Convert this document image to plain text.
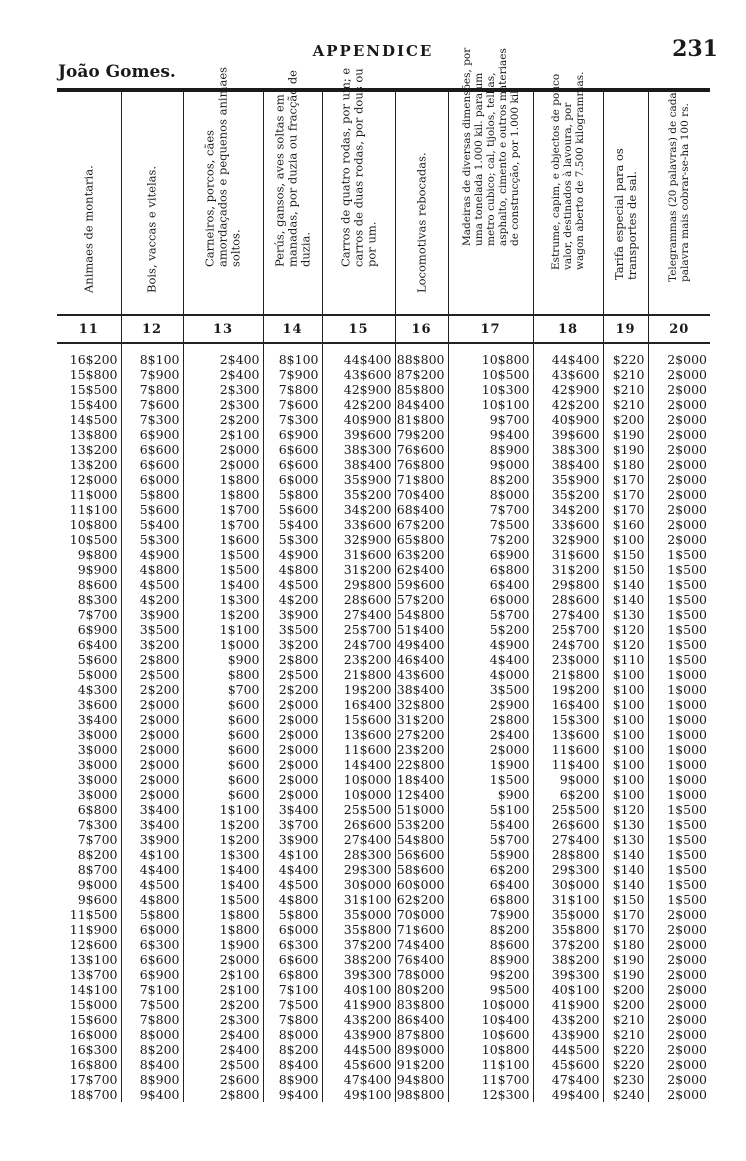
APPENDICE	231
João Gomes.
Animaes de montaria.	Bois, vaccas e vitelas.	Carneiros, porcos, cães amordaçados e pequenos animaes soltos.	Perús, gansos, aves soltas em manadas, por duzia ou fracção de duzia.	Carros de quatro rodas, por um; e carros de duas rodas, por dous ou por um.	Locomotivas rebocadas.	Madeiras de diversas dimensões, por uma tonelada 1.000 kil. para um metro cubico; cal, tijolos, telhas, asphalto, cimento e outros materiaes de construcção, por 1.000 kil.	Estrume, capim, e objectos de pouco valor, destinados à lavoura, por wagon aberto de 7.500 kilogrammas.	Tarifa especial para os transportes de sal.	Telegrammas (20 palavras) de cada palavra mais cobrar-se-ha 100 rs.

11	12	13	14	15	16	17	18	19	20
16$200	8$100	2$400	8$100	44$400	88$800	10$800	44$400	$220	2$000
15$800	7$900	2$400	7$900	43$600	87$200	10$500	43$600	$210	2$000
15$500	7$800	2$300	7$800	42$900	85$800	10$300	42$900	$210	2$000
15$400	7$600	2$300	7$600	42$200	84$400	10$100	42$200	$210	2$000
14$500	7$300	2$200	7$300	40$900	81$800	9$700	40$900	$200	2$000
13$800	6$900	2$100	6$900	39$600	79$200	9$400	39$600	$190	2$000
13$200	6$600	2$000	6$600	38$300	76$600	8$900	38$300	$190	2$000
13$200	6$600	2$000	6$600	38$400	76$800	9$000	38$400	$180	2$000
12$000	6$000	1$800	6$000	35$900	71$800	8$200	35$900	$170	2$000
11$000	5$800	1$800	5$800	35$200	70$400	8$000	35$200	$170	2$000
11$100	5$600	1$700	5$600	34$200	68$400	7$700	34$200	$170	2$000
10$800	5$400	1$700	5$400	33$600	67$200	7$500	33$600	$160	2$000
10$500	5$300	1$600	5$300	32$900	65$800	7$200	32$900	$100	2$000
9$800	4$900	1$500	4$900	31$600	63$200	6$900	31$600	$150	1$500
9$900	4$800	1$500	4$800	31$200	62$400	6$800	31$200	$150	1$500
8$600	4$500	1$400	4$500	29$800	59$600	6$400	29$800	$140	1$500
8$300	4$200	1$300	4$200	28$600	57$200	6$000	28$600	$140	1$500
7$700	3$900	1$200	3$900	27$400	54$800	5$700	27$400	$130	1$500
6$900	3$500	1$100	3$500	25$700	51$400	5$200	25$700	$120	1$500
6$400	3$200	1$000	3$200	24$700	49$400	4$900	24$700	$120	1$500
5$600	2$800	$900	2$800	23$200	46$400	4$400	23$000	$110	1$500
5$000	2$500	$800	2$500	21$800	43$600	4$000	21$800	$100	1$000
4$300	2$200	$700	2$200	19$200	38$400	3$500	19$200	$100	1$000
3$600	2$000	$600	2$000	16$400	32$800	2$900	16$400	$100	1$000
3$400	2$000	$600	2$000	15$600	31$200	2$800	15$300	$100	1$000
3$000	2$000	$600	2$000	13$600	27$200	2$400	13$600	$100	1$000
3$000	2$000	$600	2$000	11$600	23$200	2$000	11$600	$100	1$000
3$000	2$000	$600	2$000	14$400	22$800	1$900	11$400	$100	1$000
3$000	2$000	$600	2$000	10$000	18$400	1$500	9$000	$100	1$000
3$000	2$000	$600	2$000	10$000	12$400	$900	6$200	$100	1$000
6$800	3$400	1$100	3$400	25$500	51$000	5$100	25$500	$120	1$500
7$300	3$400	1$200	3$700	26$600	53$200	5$400	26$600	$130	1$500
7$700	3$900	1$200	3$900	27$400	54$800	5$700	27$400	$130	1$500
8$200	4$100	1$300	4$100	28$300	56$600	5$900	28$800	$140	1$500
8$700	4$400	1$400	4$400	29$300	58$600	6$200	29$300	$140	1$500
9$000	4$500	1$400	4$500	30$000	60$000	6$400	30$000	$140	1$500
9$600	4$800	1$500	4$800	31$100	62$200	6$800	31$100	$150	1$500
11$500	5$800	1$800	5$800	35$000	70$000	7$900	35$000	$170	2$000
11$900	6$000	1$800	6$000	35$800	71$600	8$200	35$800	$170	2$000
12$600	6$300	1$900	6$300	37$200	74$400	8$600	37$200	$180	2$000
13$100	6$600	2$000	6$600	38$200	76$400	8$900	38$200	$190	2$000
13$700	6$900	2$100	6$800	39$300	78$000	9$200	39$300	$190	2$000
14$100	7$100	2$100	7$100	40$100	80$200	9$500	40$100	$200	2$000
15$000	7$500	2$200	7$500	41$900	83$800	10$000	41$900	$200	2$000
15$600	7$800	2$300	7$800	43$200	86$400	10$400	43$200	$210	2$000
16$000	8$000	2$400	8$000	43$900	87$800	10$600	43$900	$210	2$000
16$300	8$200	2$400	8$200	44$500	89$000	10$800	44$500	$220	2$000
16$800	8$400	2$500	8$400	45$600	91$200	11$100	45$600	$220	2$000
17$700	8$900	2$600	8$900	47$400	94$800	11$700	47$400	$230	2$000
18$700	9$400	2$800	9$400	49$100	98$800	12$300	49$400	$240	2$000
